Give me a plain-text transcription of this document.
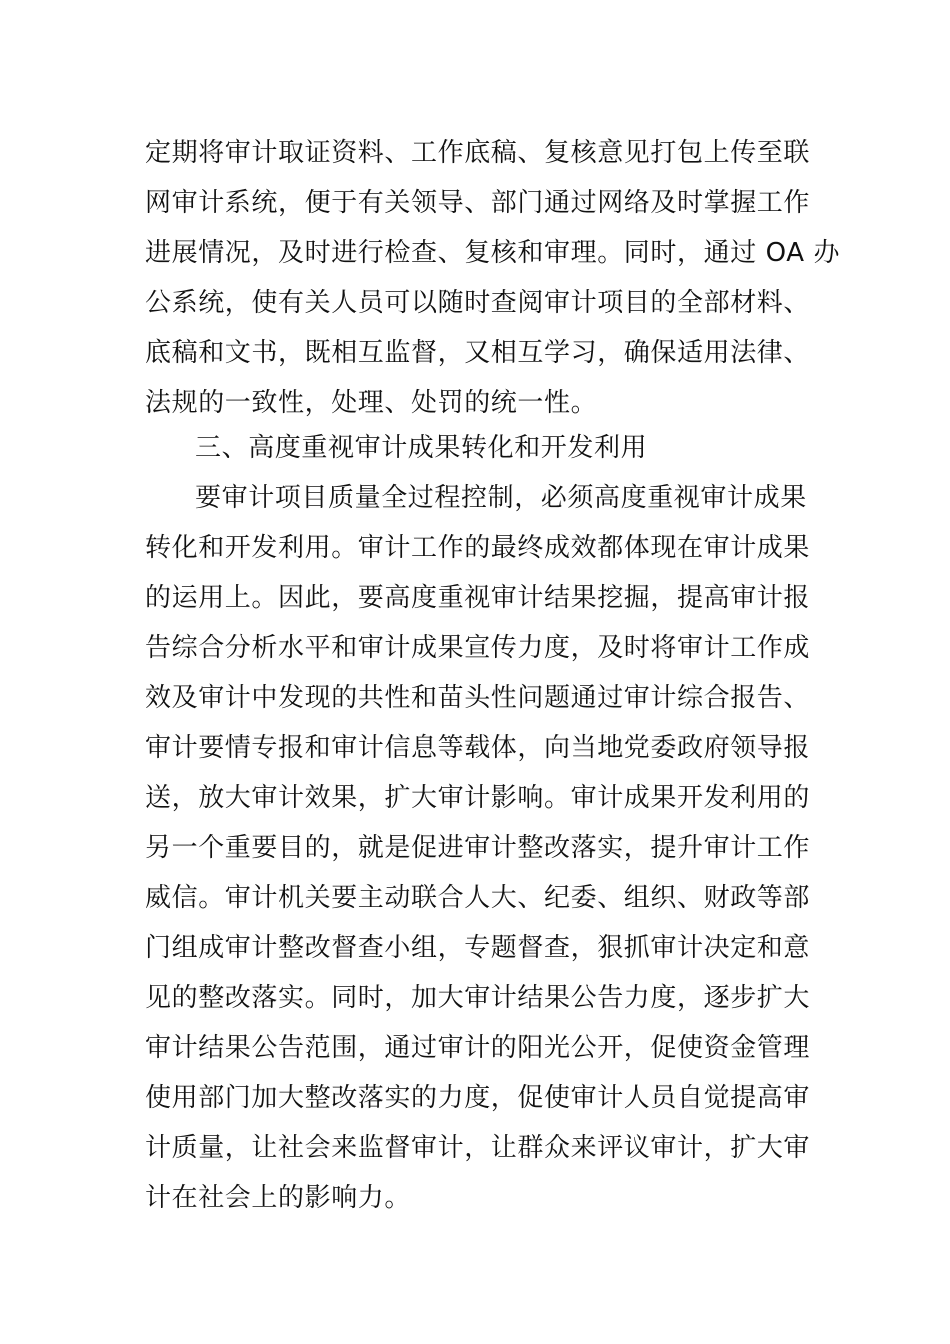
定期将审计取证资料、工作底稿、复核意见打包上传至联
网审计系统，便于有关领导、部门通过网络及时掌握工作
进展情况，及时进行检查、复核和审理。同时，通过 OA 办
公系统，使有关人员可以随时查阅审计项目的全部材料、
底稿和文书，既相互监督，又相互学习，确保适用法律、
法规的一致性，处理、处罚的统一性。
三、高度重视审计成果转化和开发利用
要审计项目质量全过程控制，必须高度重视审计成果
转化和开发利用。审计工作的最终成效都体现在审计成果
的运用上。因此，要高度重视审计结果挖掘，提高审计报
告综合分析水平和审计成果宣传力度，及时将审计工作成
效及审计中发现的共性和苗头性问题通过审计综合报告、
审计要情专报和审计信息等载体，向当地党委政府领导报
送，放大审计效果，扩大审计影响。审计成果开发利用的
另一个重要目的，就是促进审计整改落实，提升审计工作
威信。审计机关要主动联合人大、纪委、组织、财政等部
门组成审计整改督查小组，专题督查，狠抓审计决定和意
见的整改落实。同时，加大审计结果公告力度，逐步扩大
审计结果公告范围，通过审计的阳光公开，促使资金管理
使用部门加大整改落实的力度，促使审计人员自觉提高审
计质量，让社会来监督审计，让群众来评议审计，扩大审
计在社会上的影响力。
